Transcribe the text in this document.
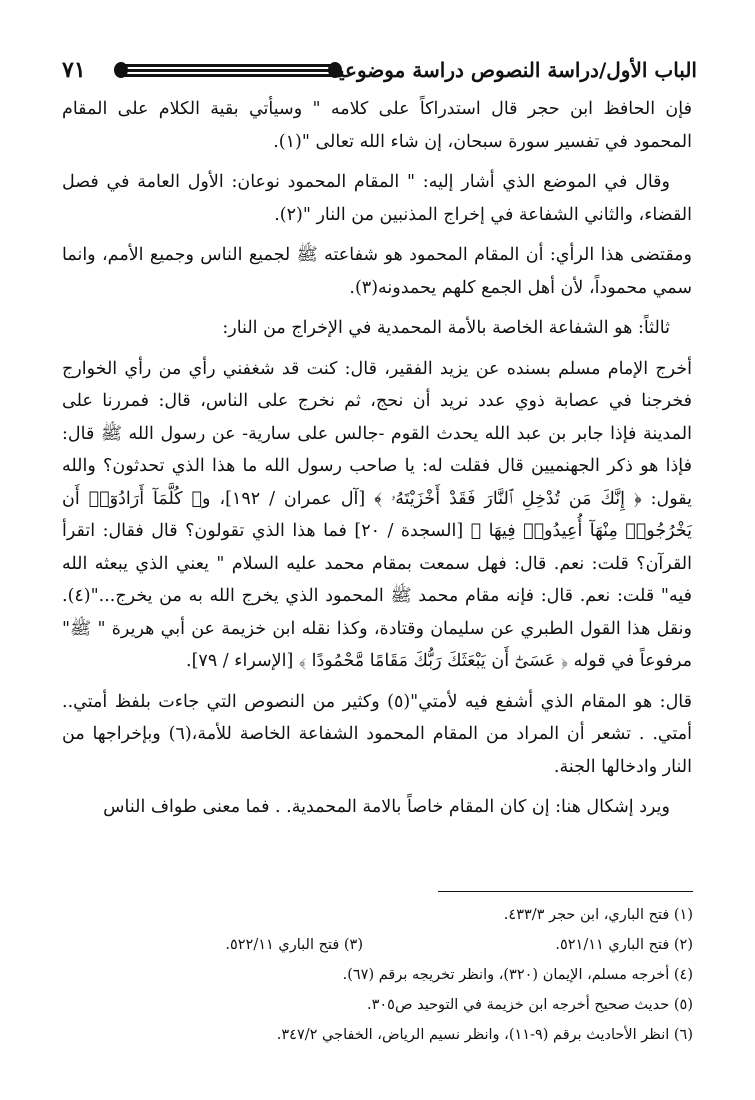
٧١	الباب الأول/دراسة النصوص دراسة موضوعية

فإن الحافظ ابن حجر قال استدراكاً على كلامه " وسيأتي بقية الكلام على المقام المحمود في تفسير سورة سبحان، إن شاء الله تعالى "(١).

وقال في الموضع الذي أشار إليه: " المقام المحمود نوعان: الأول العامة في فصل القضاء، والثاني الشفاعة في إخراج المذنبين من النار "(٢).

ومقتضى هذا الرأي: أن المقام المحمود هو شفاعته ﷺ لجميع الناس وجميع الأمم، وانما سمي محموداً، لأن أهل الجمع كلهم يحمدونه(٣).

ثالثاً: هو الشفاعة الخاصة بالأمة المحمدية في الإخراج من النار:

أخرج الإمام مسلم بسنده عن يزيد الفقير، قال: كنت قد شغفني رأي من رأي الخوارج فخرجنا في عصابة ذوي عدد نريد أن نحج، ثم نخرج على الناس، قال: فمررنا على المدينة فإذا جابر بن عبد الله يحدث القوم -جالس على سارية- عن رسول الله ﷺ قال: فإذا هو ذكر الجهنميين قال فقلت له: يا صاحب رسول الله ما هذا الذي تحدثون؟ والله يقول: ﴿ إِنَّكَ مَن تُدْخِلِ ٱلنَّارَ فَقَدْ أَخْزَيْتَهُۥ ﴾ [آل عمران / ١٩٢]، و﴿ كُلَّمَآ أَرَادُوٓا۟ أَن يَخْرُجُوا۟ مِنْهَآ أُعِيدُوا۟ فِيهَا ﴾ [السجدة / ٢٠] فما هذا الذي تقولون؟ قال فقال: اتقرأ القرآن؟ قلت: نعم. قال: فهل سمعت بمقام محمد عليه السلام " يعني الذي يبعثه الله فيه" قلت: نعم. قال: فإنه مقام محمد ﷺ المحمود الذي يخرج الله به من يخرج..."(٤). ونقل هذا القول الطبري عن سليمان وقتادة، وكذا نقله ابن خزيمة عن أبي هريرة " ﷺ" مرفوعاً في قوله ﴿ عَسَىٰٓ أَن يَبْعَثَكَ رَبُّكَ مَقَامًا مَّحْمُودًا ﴾ [الإسراء / ٧٩].

قال: هو المقام الذي أشفع فيه لأمتي"(٥) وكثير من النصوص التي جاءت بلفظ أمتي.. أمتي. . تشعر أن المراد من المقام المحمود الشفاعة الخاصة للأمة،(٦) وبإخراجها من النار وادخالها الجنة.

ويرد إشكال هنا: إن كان المقام خاصاً بالامة المحمدية. . فما معنى طواف الناس

(١) فتح الباري، ابن حجر ٤٣٣/٣.
(٢) فتح الباري ٥٢١/١١.
(٣) فتح الباري ٥٢٢/١١.
(٤) أخرجه مسلم، الإيمان (٣٢٠)، وانظر تخريجه برقم (٦٧).
(٥) حديث صحيح أخرجه ابن خزيمة في التوحيد ص٣٠٥.
(٦) انظر الأحاديث برقم (٩-١١)، وانظر نسيم الرياض، الخفاجي ٣٤٧/٢.
